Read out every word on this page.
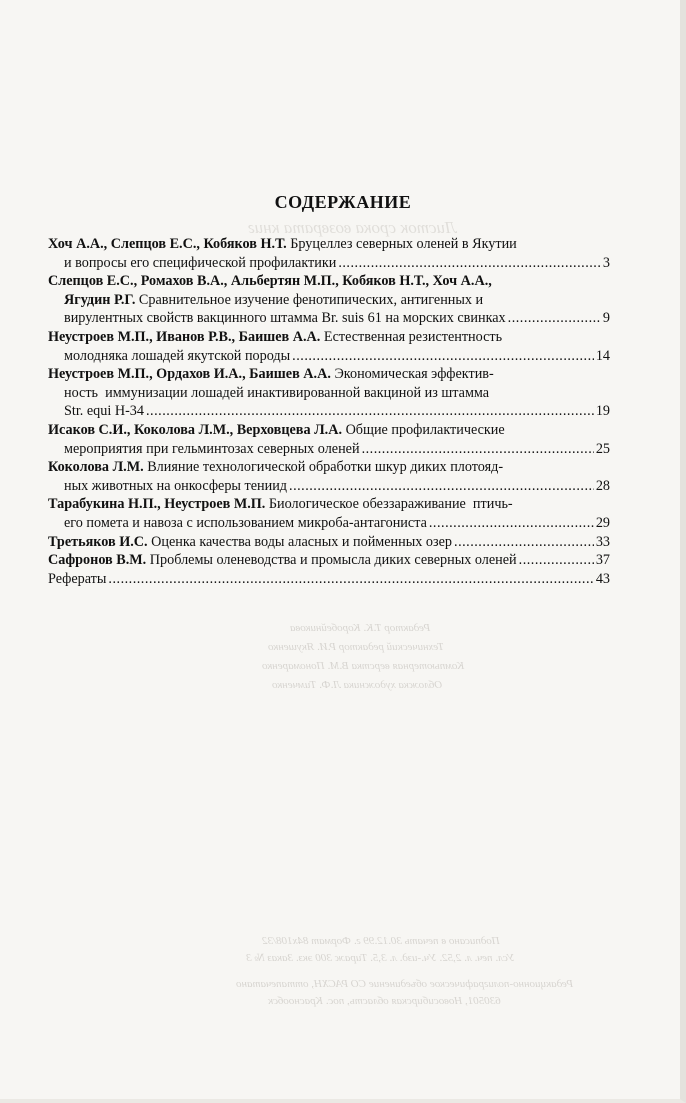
Листок срока возврата книг
Редактор Т.К. Коробейникова
Технический редактор Р.И. Якушенко
Компьютерная верстка В.М. Пономаренко
Обложка художника Л.Ф. Тимченко
Подписано в печать 30.12.99 г. Формат 84х108/32
Усл. печ. л. 2,52. Уч.-изд. л. 3,5. Тираж 300 экз. Заказ № 3
Редакционно-полиграфическое объединение СО РАСХН, оттапечатано
630501, Новосибирская область, пос. Краснообск
СОДЕРЖАНИЕ
Хоч А.А., Слепцов Е.С., Кобяков Н.Т. Бруцеллез северных оленей в Якутии
и вопросы его специфической профилактики .....	3
Слепцов Е.С., Ромахов В.А., Альбертян М.П., Кобяков Н.Т., Хоч А.А.,
Ягудин Р.Г. Сравнительное изучение фенотипических, антигенных и
вирулентных свойств вакцинного штамма Br. suis 61 на морских свинках .....	9
Неустроев М.П., Иванов Р.В., Баишев А.А. Естественная резистентность
молодняка лошадей якутской породы .....	14
Неустроев М.П., Ордахов И.А., Баишев А.А. Экономическая эффектив-
ность  иммунизации лошадей инактивированной вакциной из штамма
Str. equi H-34 .....	19
Исаков С.И., Коколова Л.М., Верховцева Л.А. Общие профилактические
мероприятия при гельминтозах северных оленей .....	25
Коколова Л.М. Влияние технологической обработки шкур диких плотояд-
ных животных на онкосферы тениид .....	28
Тарабукина Н.П., Неустроев М.П. Биологическое обеззараживание  птичь-
его помета и навоза с использованием микроба-антагониста .....	29
Третьяков И.С. Оценка качества воды аласных и пойменных озер .....	33
Сафронов В.М. Проблемы оленеводства и промысла диких северных оленей .....	37
Рефераты .....	43
